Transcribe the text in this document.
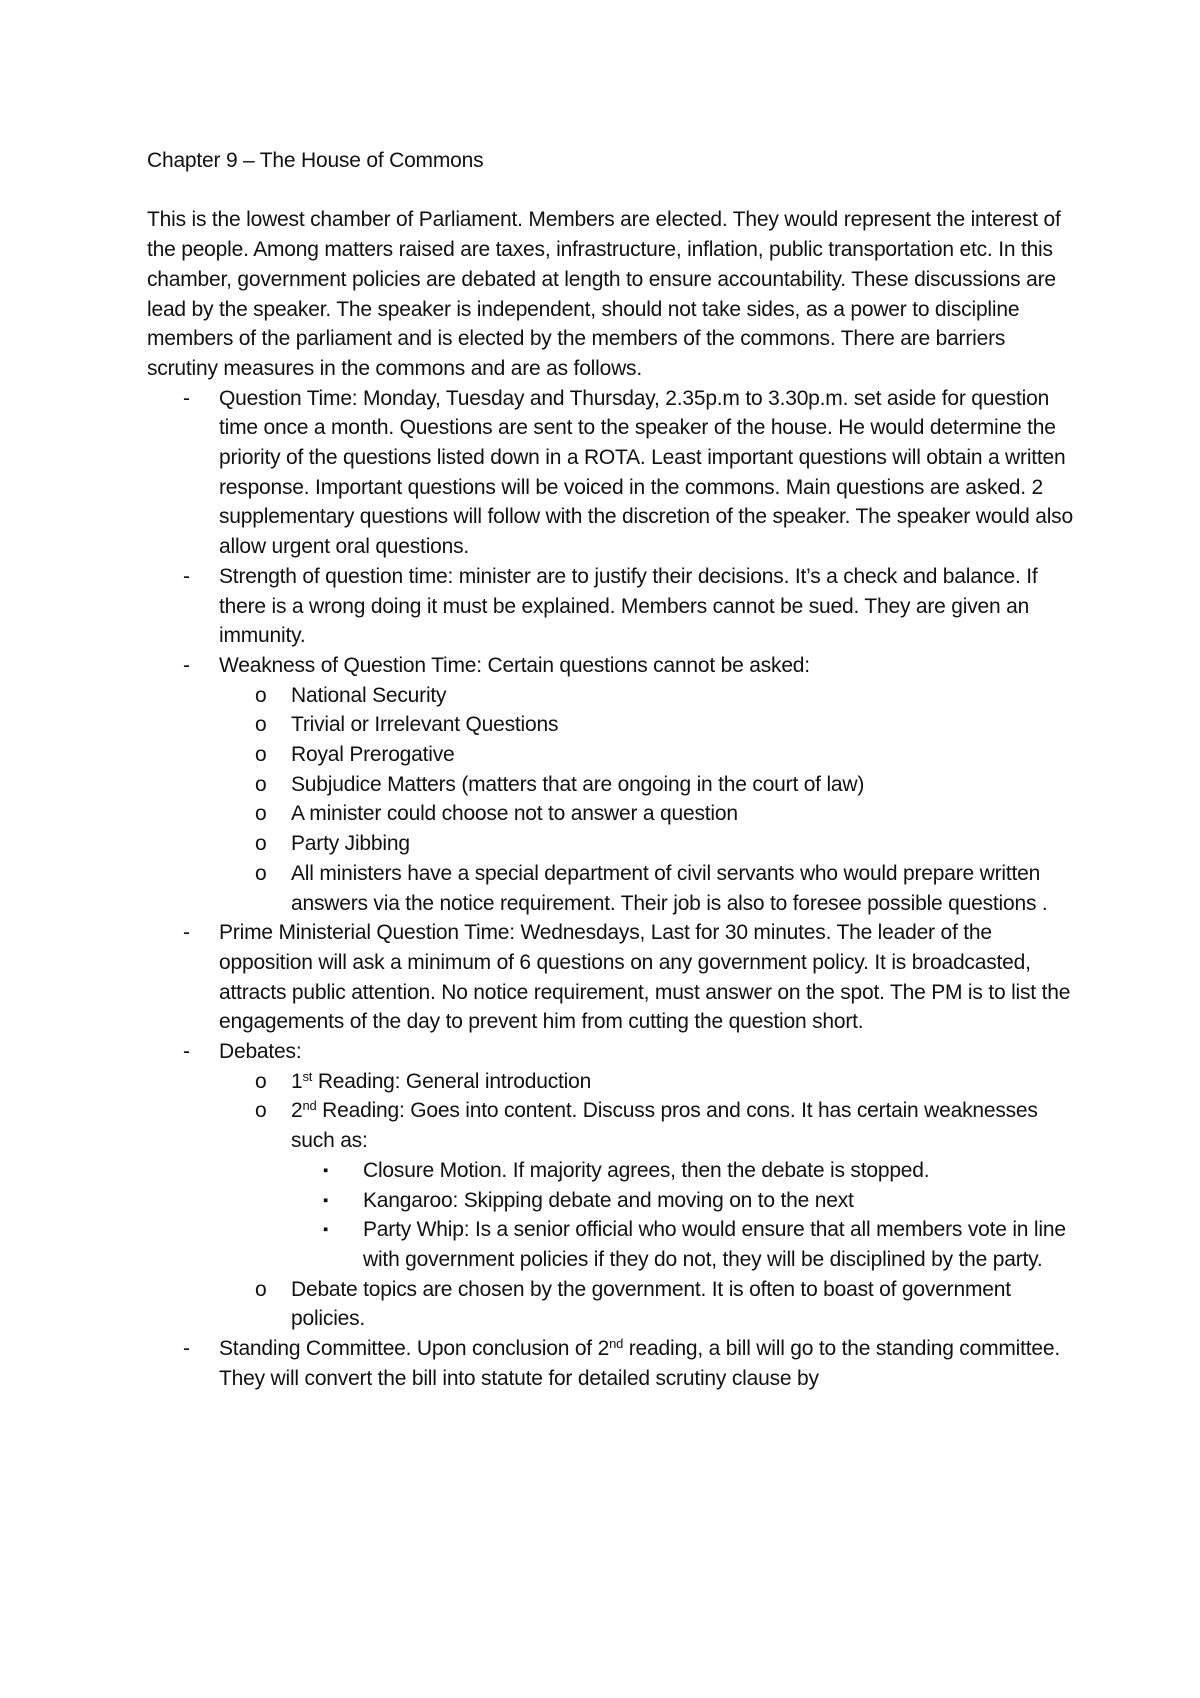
Chapter 9 – The House of Commons

This is the lowest chamber of Parliament. Members are elected. They would represent the interest of the people. Among matters raised are taxes, infrastructure, inflation, public transportation etc. In this chamber, government policies are debated at length to ensure accountability. These discussions are lead by the speaker. The speaker is independent, should not take sides, as a power to discipline members of the parliament and is elected by the members of the commons. There are barriers scrutiny measures in the commons and are as follows.

- Question Time: Monday, Tuesday and Thursday, 2.35p.m to 3.30p.m. set aside for question time once a month. Questions are sent to the speaker of the house. He would determine the priority of the questions listed down in a ROTA. Least important questions will obtain a written response. Important questions will be voiced in the commons. Main questions are asked. 2 supplementary questions will follow with the discretion of the speaker. The speaker would also allow urgent oral questions.
- Strength of question time: minister are to justify their decisions. It’s a check and balance. If there is a wrong doing it must be explained. Members cannot be sued. They are given an immunity.
- Weakness of Question Time: Certain questions cannot be asked:
o National Security
o Trivial or Irrelevant Questions
o Royal Prerogative
o Subjudice Matters (matters that are ongoing in the court of law)
o A minister could choose not to answer a question
o Party Jibbing
o All ministers have a special department of civil servants who would prepare written answers via the notice requirement. Their job is also to foresee possible questions .
- Prime Ministerial Question Time: Wednesdays, Last for 30 minutes. The leader of the opposition will ask a minimum of 6 questions on any government policy. It is broadcasted, attracts public attention. No notice requirement, must answer on the spot. The PM is to list the engagements of the day to prevent him from cutting the question short.
- Debates:
o 1st Reading: General introduction
o 2nd Reading: Goes into content. Discuss pros and cons. It has certain weaknesses such as:
▪ Closure Motion. If majority agrees, then the debate is stopped.
▪ Kangaroo: Skipping debate and moving on to the next
▪ Party Whip: Is a senior official who would ensure that all members vote in line with government policies if they do not, they will be disciplined by the party.
o Debate topics are chosen by the government. It is often to boast of government policies.
- Standing Committee. Upon conclusion of 2nd reading, a bill will go to the standing committee. They will convert the bill into statute for detailed scrutiny clause by
